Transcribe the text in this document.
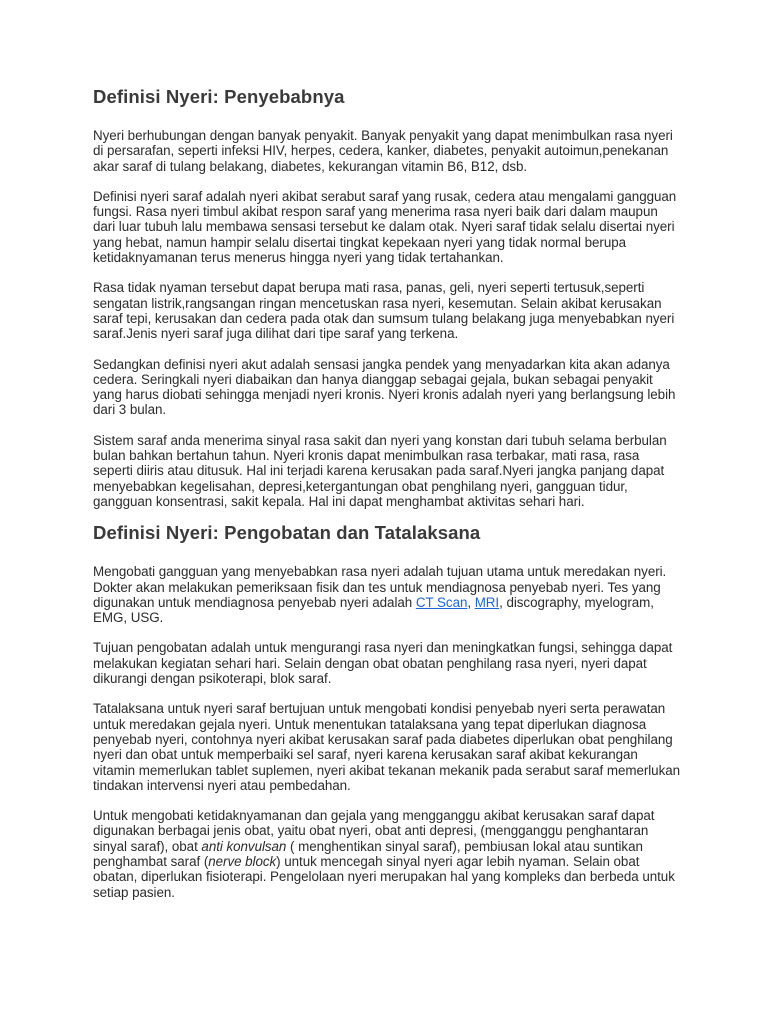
Definisi Nyeri: Penyebabnya

Nyeri berhubungan dengan banyak penyakit. Banyak penyakit yang dapat menimbulkan rasa nyeri di persarafan, seperti infeksi HIV, herpes, cedera, kanker, diabetes, penyakit autoimun,penekanan akar saraf di tulang belakang, diabetes, kekurangan vitamin B6, B12, dsb.

Definisi nyeri saraf adalah nyeri akibat serabut saraf yang rusak, cedera atau mengalami gangguan fungsi. Rasa nyeri timbul akibat respon saraf yang menerima rasa nyeri baik dari dalam maupun dari luar tubuh lalu membawa sensasi tersebut ke dalam otak. Nyeri saraf tidak selalu disertai nyeri yang hebat, namun hampir selalu disertai tingkat kepekaan nyeri yang tidak normal berupa ketidaknyamanan terus menerus hingga nyeri yang tidak tertahankan.

Rasa tidak nyaman tersebut dapat berupa mati rasa, panas, geli, nyeri seperti tertusuk,seperti sengatan listrik,rangsangan ringan mencetuskan rasa nyeri, kesemutan. Selain akibat kerusakan saraf tepi, kerusakan dan cedera pada otak dan sumsum tulang belakang juga menyebabkan nyeri saraf.Jenis nyeri saraf juga dilihat dari tipe saraf yang terkena.

Sedangkan definisi nyeri akut adalah sensasi jangka pendek yang menyadarkan kita akan adanya cedera. Seringkali nyeri diabaikan dan hanya dianggap sebagai gejala, bukan sebagai penyakit yang harus diobati sehingga menjadi nyeri kronis. Nyeri kronis adalah nyeri yang berlangsung lebih dari 3 bulan.

Sistem saraf anda menerima sinyal rasa sakit dan nyeri yang konstan dari tubuh selama berbulan bulan bahkan bertahun tahun. Nyeri kronis dapat menimbulkan rasa terbakar, mati rasa, rasa seperti diiris atau ditusuk. Hal ini terjadi karena kerusakan pada saraf.Nyeri jangka panjang dapat menyebabkan kegelisahan, depresi,ketergantungan obat penghilang nyeri, gangguan tidur, gangguan konsentrasi, sakit kepala. Hal ini dapat menghambat aktivitas sehari hari.

Definisi Nyeri: Pengobatan dan Tatalaksana

Mengobati gangguan yang menyebabkan rasa nyeri adalah tujuan utama untuk meredakan nyeri. Dokter akan melakukan pemeriksaan fisik dan tes untuk mendiagnosa penyebab nyeri. Tes yang digunakan untuk mendiagnosa penyebab nyeri adalah CT Scan, MRI, discography, myelogram, EMG, USG.

Tujuan pengobatan adalah untuk mengurangi rasa nyeri dan meningkatkan fungsi, sehingga dapat melakukan kegiatan sehari hari. Selain dengan obat obatan penghilang rasa nyeri, nyeri dapat dikurangi dengan psikoterapi, blok saraf.

Tatalaksana untuk nyeri saraf bertujuan untuk mengobati kondisi penyebab nyeri serta perawatan untuk meredakan gejala nyeri. Untuk menentukan tatalaksana yang tepat diperlukan diagnosa penyebab nyeri, contohnya nyeri akibat kerusakan saraf pada diabetes diperlukan obat penghilang nyeri dan obat untuk memperbaiki sel saraf, nyeri karena kerusakan saraf akibat kekurangan vitamin memerlukan tablet suplemen, nyeri akibat tekanan mekanik pada serabut saraf memerlukan tindakan intervensi nyeri atau pembedahan.

Untuk mengobati ketidaknyamanan dan gejala yang mengganggu akibat kerusakan saraf dapat digunakan berbagai jenis obat, yaitu obat nyeri, obat anti depresi, (mengganggu penghantaran sinyal saraf), obat anti konvulsan ( menghentikan sinyal saraf), pembiusan lokal atau suntikan penghambat saraf (nerve block) untuk mencegah sinyal nyeri agar lebih nyaman. Selain obat obatan, diperlukan fisioterapi. Pengelolaan nyeri merupakan hal yang kompleks dan berbeda untuk setiap pasien.
